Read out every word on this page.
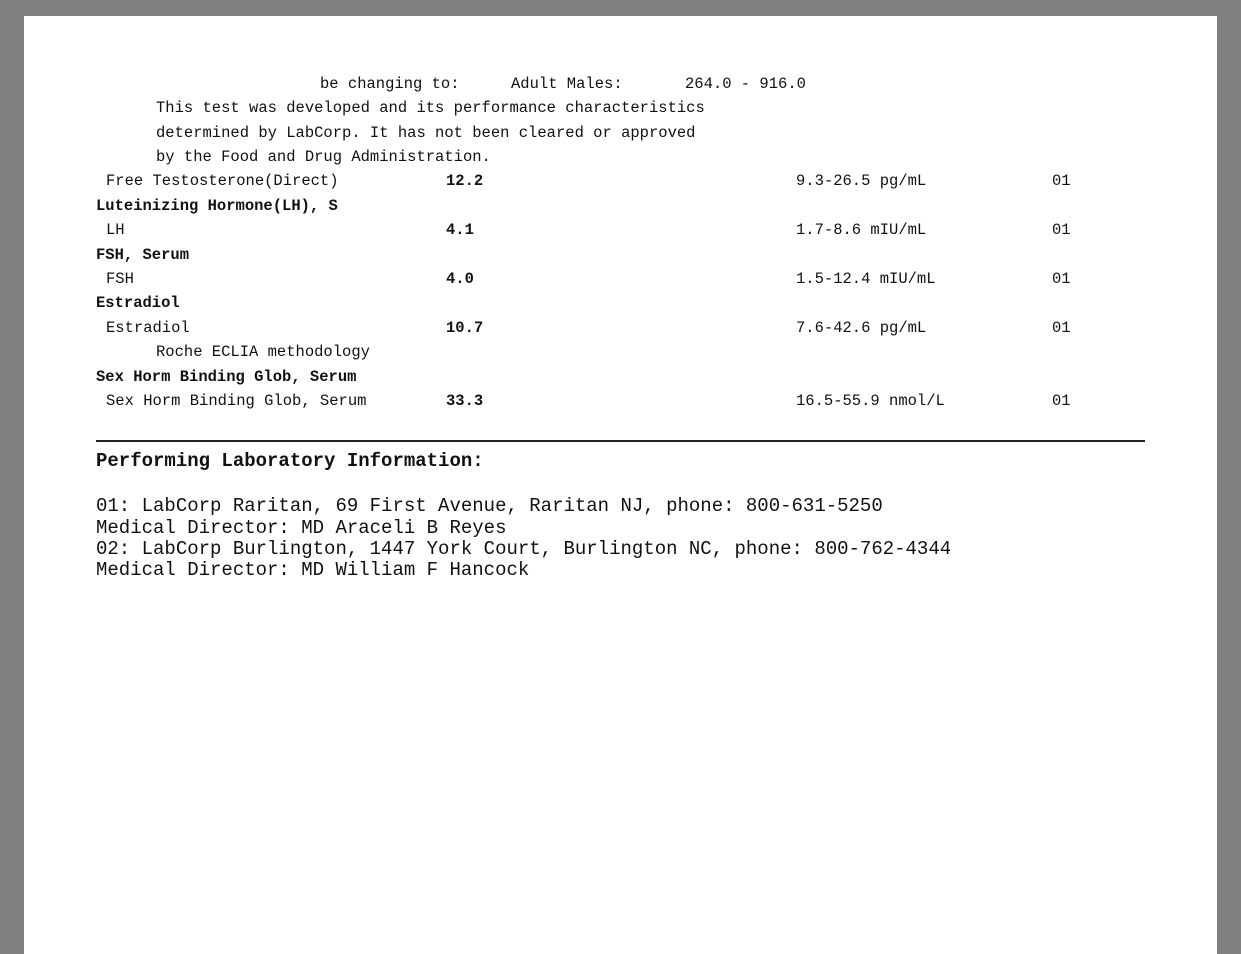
be changing to:	Adult Males:	264.0 - 916.0
This test was developed and its performance characteristics
determined by LabCorp. It has not been cleared or approved
by the Food and Drug Administration.
Free Testosterone(Direct)	12.2	9.3-26.5 pg/mL	01
Luteinizing Hormone(LH), S
LH	4.1	1.7-8.6 mIU/mL	01
FSH, Serum
FSH	4.0	1.5-12.4 mIU/mL	01
Estradiol
Estradiol	10.7	7.6-42.6 pg/mL	01
Roche ECLIA methodology
Sex Horm Binding Glob, Serum
Sex Horm Binding Glob, Serum	33.3	16.5-55.9 nmol/L	01
Performing Laboratory Information:
01: LabCorp Raritan, 69 First Avenue, Raritan NJ, phone: 800-631-5250
Medical Director: MD Araceli B Reyes
02: LabCorp Burlington, 1447 York Court, Burlington NC, phone: 800-762-4344
Medical Director: MD William F Hancock
